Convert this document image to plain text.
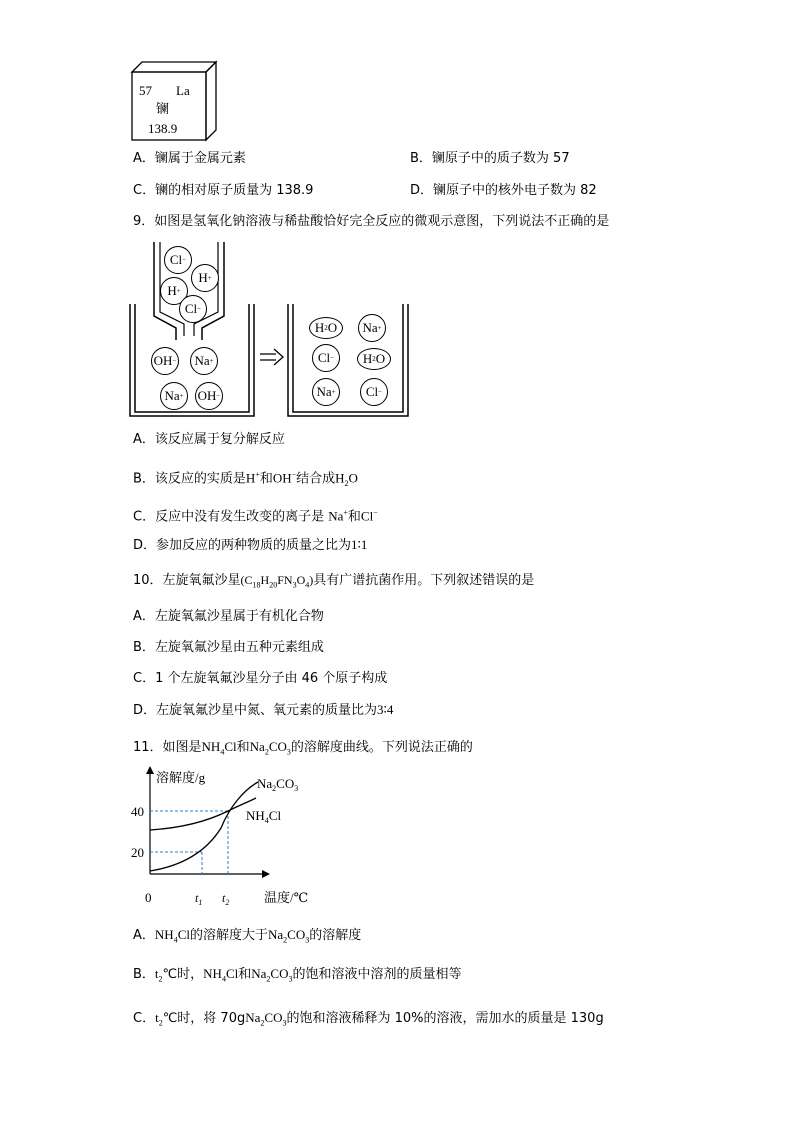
57 La
镧
138.9
A．镧属于金属元素	B．镧原子中的质子数为 57
C．镧的相对原子质量为 138.9	D．镧原子中的核外电子数为 82
9．如图是氢氧化钠溶液与稀盐酸恰好完全反应的微观示意图，下列说法不正确的是
Cl −
H +
H +
Cl −
OH −	Na +
Na + OH −
H 2 O	Na +
Cl −	H 2 O
Na +	Cl −
A．该反应属于复分解反应
B．该反应的实质是H+和OH−结合成$H_2O$
C．反应中没有发生改变的离子是 Na+和Cl−
D．参加反应的两种物质的质量之比为1∶1
10．左旋氧氟沙星$(C_{18}H_{20}FN_3O_4)$具有广谱抗菌作用。下列叙述错误的是
A．左旋氧氟沙星属于有机化合物
B．左旋氧氟沙星由五种元素组成
C．1 个左旋氧氟沙星分子由 46 个原子构成
D．左旋氧氟沙星中氮、氧元素的质量比为3∶4
11．如图是$NH_4Cl$和$Na_2CO_3$的溶解度曲线。下列说法正确的
溶解度/g
40
20
0	$t_1$ $t_2$	温度/℃
$Na_2CO_3$
$NH_4Cl$
A．$NH_4Cl$的溶解度大于$Na_2CO_3$的溶解度
B．$t_2℃$时，$NH_4Cl$和$Na_2CO_3$的饱和溶液中溶剂的质量相等
C．$t_2℃$时，将 $70gNa_2CO_3$的饱和溶液稀释为 10%的溶液，需加水的质量是 130g
